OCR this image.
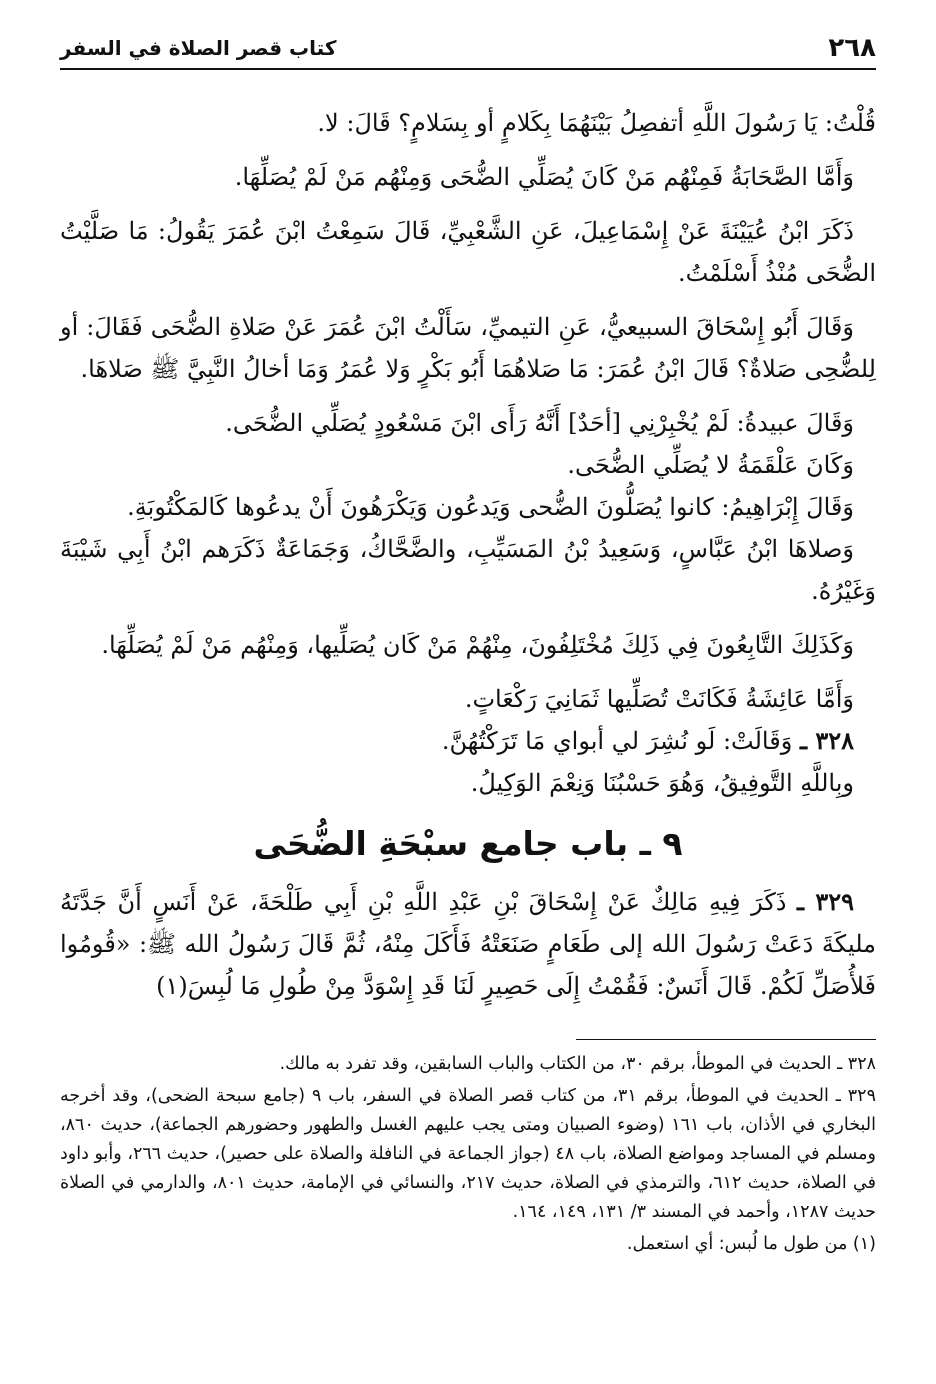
٢٦٨
كتاب قصر الصلاة في السفر

قُلْتُ: يَا رَسُولَ اللَّهِ أتفصِلُ بَيْنَهُمَا بِكَلامٍ أو بِسَلامٍ؟ قَالَ: لا.

وَأَمَّا الصَّحَابَةُ فَمِنْهُم مَنْ كَانَ يُصَلِّي الضُّحَى وَمِنْهُم مَنْ لَمْ يُصَلِّهَا.

ذَكَرَ ابْنُ عُيَيْنَةَ عَنْ إِسْمَاعِيلَ، عَنِ الشَّعْبِيِّ، قَالَ سَمِعْتُ ابْنَ عُمَرَ يَقُولُ: مَا صَلَّيْتُ الضُّحَى مُنْذُ أَسْلَمْتُ.

وَقَالَ أَبُو إِسْحَاقَ السبيعيُّ، عَنِ التيميِّ، سَأَلْتُ ابْنَ عُمَرَ عَنْ صَلاةِ الضُّحَى فَقَالَ: أو لِلضُّحِى صَلاةٌ؟ قَالَ ابْنُ عُمَرَ: مَا صَلاهُمَا أَبُو بَكْرٍ وَلا عُمَرُ وَمَا أخالُ النَّبِيَّ ﷺ صَلاهَا.

وَقَالَ عبيدةُ: لَمْ يُخْبِرْنِي [أحَدٌ] أَنَّهُ رَأَى ابْنَ مَسْعُودٍ يُصَلِّي الضُّحَى.

وَكَانَ عَلْقَمَةُ لا يُصَلِّي الضُّحَى.

وَقَالَ إِبْرَاهِيمُ: كانوا يُصَلُّونَ الضُّحى وَيَدعُون وَيَكْرَهُونَ أَنْ يدعُوها كَالمَكْتُوبَةِ.

وَصلاهَا ابْنُ عَبَّاسٍ، وَسَعِيدُ بْنُ المَسَيِّبِ، والضَّحَّاكُ، وَجَمَاعَةٌ ذَكَرَهم ابْنُ أَبِي شَيْبَةَ وَغَيْرُهُ.

وَكَذَلِكَ التَّابِعُونَ فِي ذَلِكَ مُخْتَلِفُونَ، مِنْهُمْ مَنْ كَان يُصَلِّيها، وَمِنْهُم مَنْ لَمْ يُصَلِّهَا.

وَأَمَّا عَائِشَةُ فَكَانَتْ تُصَلِّيها ثَمَانِيَ رَكْعَاتٍ.

٣٢٨ ـ وَقَالَتْ: لَو نُشِرَ لي أبواي مَا تَرَكْتُهُنَّ.

وبِاللَّهِ التَّوفِيقُ، وَهُوَ حَسْبُنَا وَنِعْمَ الوَكِيلُ.

٩ ـ باب جامع سبْحَةِ الضُّحَى

٣٢٩ ـ ذَكَرَ فِيهِ مَالِكٌ عَنْ إِسْحَاقَ بْنِ عَبْدِ اللَّهِ بْنِ أَبِي طَلْحَةَ، عَنْ أَنَسٍ أَنَّ جَدَّتَهُ مليكَةَ دَعَتْ رَسُولَ الله إلى طَعَامٍ صَنَعَتْهُ فَأَكَلَ مِنْهُ، ثُمَّ قَالَ رَسُولُ الله ﷺ: «قُومُوا فَلأُصَلِّ لَكُمْ. قَالَ أَنَسٌ: فَقُمْتُ إِلَى حَصِيرٍ لَنَا قَدِ إِسْوَدَّ مِنْ طُولِ مَا لُبِسَ(١)

٣٢٨ ـ الحديث في الموطأ، برقم ٣٠، من الكتاب والباب السابقين، وقد تفرد به مالك.

٣٢٩ ـ الحديث في الموطأ، برقم ٣١، من كتاب قصر الصلاة في السفر، باب ٩ (جامع سبحة الضحى)، وقد أخرجه البخاري في الأذان، باب ١٦١ (وضوء الصبيان ومتى يجب عليهم الغسل والطهور وحضورهم الجماعة)، حديث ٨٦٠، ومسلم في المساجد ومواضع الصلاة، باب ٤٨ (جواز الجماعة في النافلة والصلاة على حصير)، حديث ٢٦٦، وأبو داود في الصلاة، حديث ٦١٢، والترمذي في الصلاة، حديث ٢١٧، والنسائي في الإمامة، حديث ٨٠١، والدارمي في الصلاة حديث ١٢٨٧، وأحمد في المسند ٣/ ١٣١، ١٤٩، ١٦٤.

(١) من طول ما لُبس: أي استعمل.
